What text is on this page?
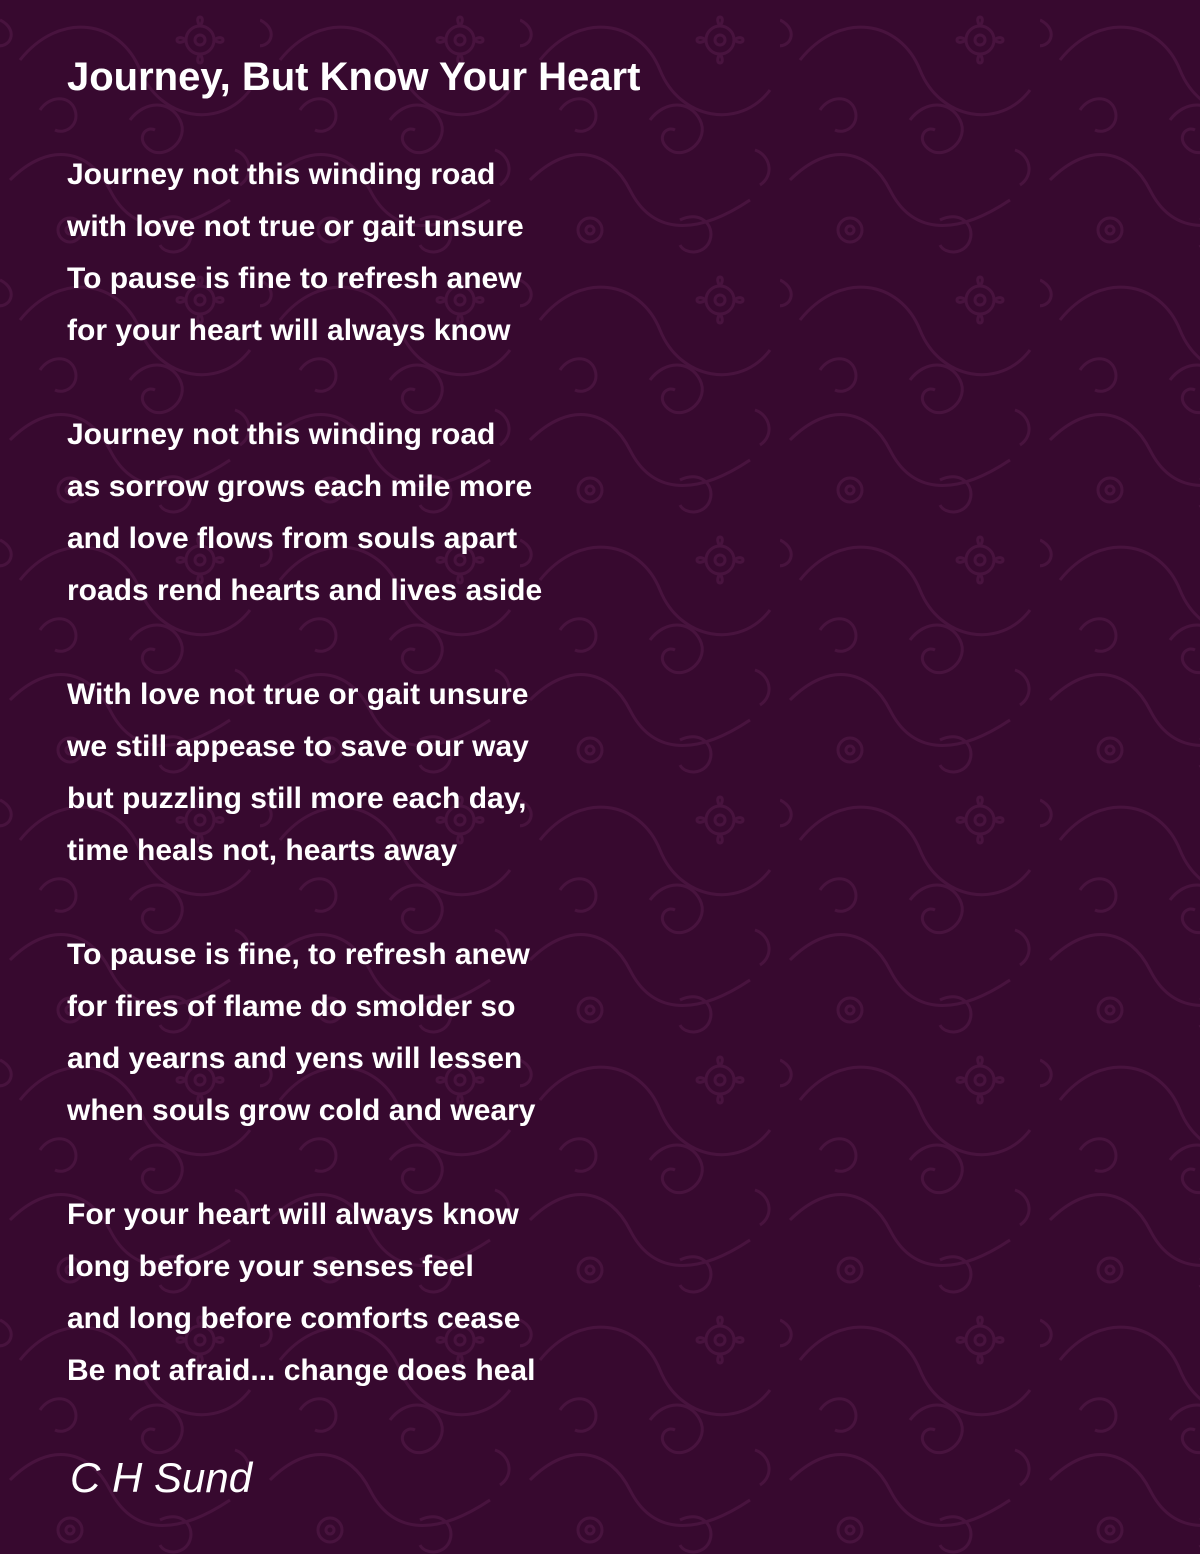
Journey, But Know Your Heart
Journey not this winding road
with love not true or gait unsure
To pause is fine to refresh anew
for your heart will always know
Journey not this winding road
as sorrow grows each mile more
and love flows from souls apart
roads rend hearts and lives aside
With love not true or gait unsure
we still appease to save our way
but puzzling still more each day,
time heals not, hearts away
To pause is fine, to refresh anew
for fires of flame do smolder so
and yearns and yens will lessen
when souls grow cold and weary
For your heart will always know
long before your senses feel
and long before comforts cease
Be not afraid... change does heal

C H Sund
